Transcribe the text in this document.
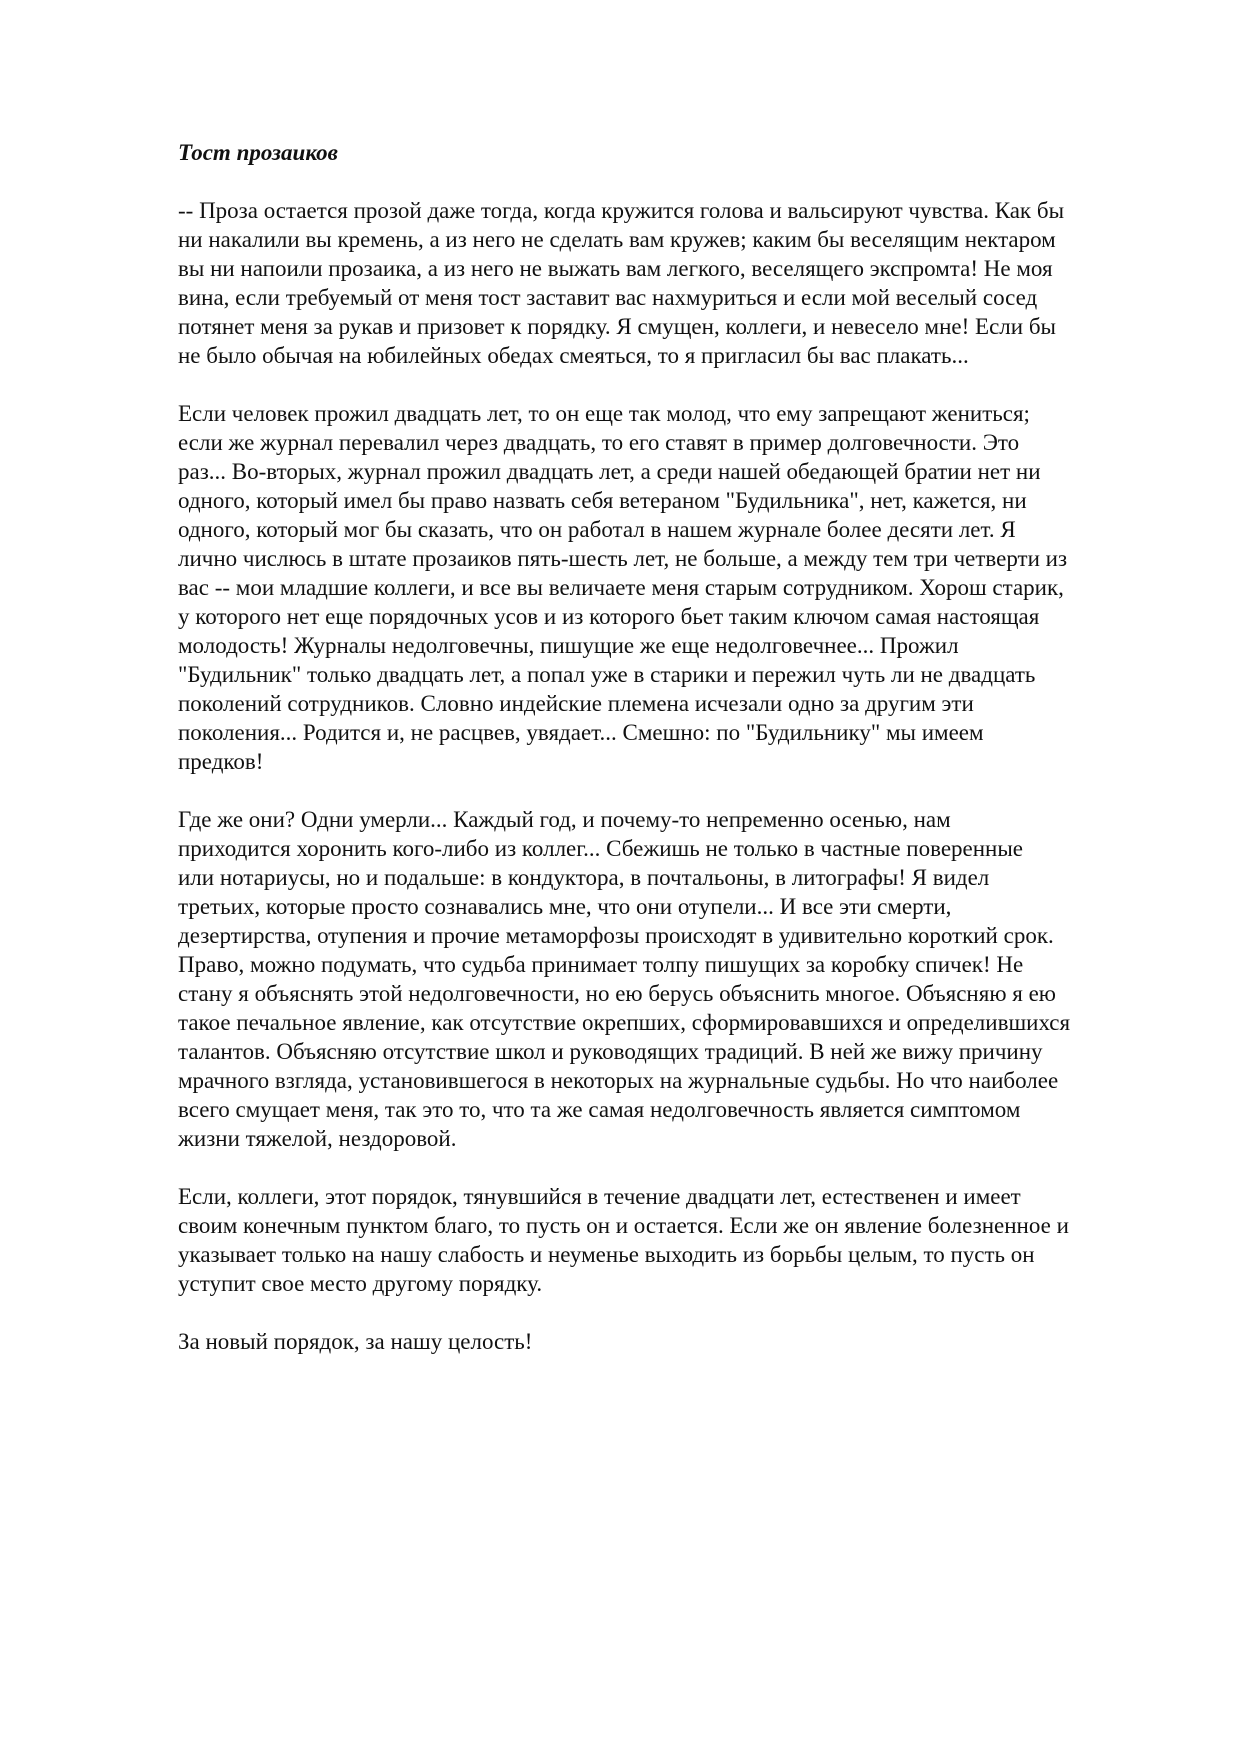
Тост прозаиков
-- Проза остается прозой даже тогда, когда кружится голова и вальсируют чувства. Как бы
ни накалили вы кремень, а из него не сделать вам кружев; каким бы веселящим нектаром
вы ни напоили прозаика, а из него не выжать вам легкого, веселящего экспромта! Не моя
вина, если требуемый от меня тост заставит вас нахмуриться и если мой веселый сосед
потянет меня за рукав и призовет к порядку. Я смущен, коллеги, и невесело мне! Если бы
не было обычая на юбилейных обедах смеяться, то я пригласил бы вас плакать...
Если человек прожил двадцать лет, то он еще так молод, что ему запрещают жениться;
если же журнал перевалил через двадцать, то его ставят в пример долговечности. Это
раз... Во-вторых, журнал прожил двадцать лет, а среди нашей обедающей братии нет ни
одного, который имел бы право назвать себя ветераном "Будильника", нет, кажется, ни
одного, который мог бы сказать, что он работал в нашем журнале более десяти лет. Я
лично числюсь в штате прозаиков пять-шесть лет, не больше, а между тем три четверти из
вас -- мои младшие коллеги, и все вы величаете меня старым сотрудником. Хорош старик,
у которого нет еще порядочных усов и из которого бьет таким ключом самая настоящая
молодость! Журналы недолговечны, пишущие же еще недолговечнее... Прожил
"Будильник" только двадцать лет, а попал уже в старики и пережил чуть ли не двадцать
поколений сотрудников. Словно индейские племена исчезали одно за другим эти
поколения... Родится и, не расцвев, увядает... Смешно: по "Будильнику" мы имеем
предков!
Где же они? Одни умерли... Каждый год, и почему-то непременно осенью, нам
приходится хоронить кого-либо из коллег... Сбежишь не только в частные поверенные
или нотариусы, но и подальше: в кондуктора, в почтальоны, в литографы! Я видел
третьих, которые просто сознавались мне, что они отупели... И все эти смерти,
дезертирства, отупения и прочие метаморфозы происходят в удивительно короткий срок.
Право, можно подумать, что судьба принимает толпу пишущих за коробку спичек! Не
стану я объяснять этой недолговечности, но ею берусь объяснить многое. Объясняю я ею
такое печальное явление, как отсутствие окрепших, сформировавшихся и определившихся
талантов. Объясняю отсутствие школ и руководящих традиций. В ней же вижу причину
мрачного взгляда, установившегося в некоторых на журнальные судьбы. Но что наиболее
всего смущает меня, так это то, что та же самая недолговечность является симптомом
жизни тяжелой, нездоровой.
Если, коллеги, этот порядок, тянувшийся в течение двадцати лет, естественен и имеет
своим конечным пунктом благо, то пусть он и остается. Если же он явление болезненное и
указывает только на нашу слабость и неуменье выходить из борьбы целым, то пусть он
уступит свое место другому порядку.
За новый порядок, за нашу целость!
